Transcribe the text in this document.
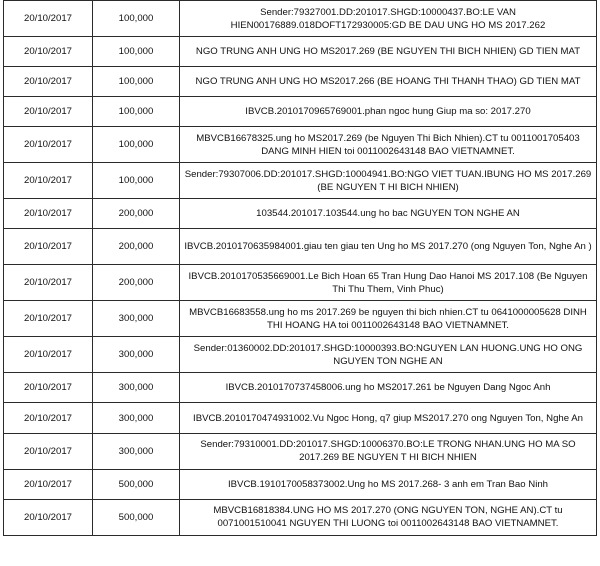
20/10/2017	100,000	Sender:79327001.DD:201017.SHGD:10000437.BO:LE VAN HIEN00176889.018DOFT172930005:GD BE DAU UNG HO MS 2017.262
20/10/2017	100,000	NGO TRUNG ANH UNG HO MS2017.269 (BE NGUYEN THI BICH NHIEN) GD TIEN MAT
20/10/2017	100,000	NGO TRUNG ANH UNG HO MS2017.266 (BE HOANG THI THANH THAO) GD TIEN MAT
20/10/2017	100,000	IBVCB.2010170965769001.phan ngoc hung Giup ma so: 2017.270
20/10/2017	100,000	MBVCB16678325.ung ho MS2017.269 (be Nguyen Thi Bich Nhien).CT tu 0011001705403 DANG MINH HIEN toi 0011002643148 BAO VIETNAMNET.
20/10/2017	100,000	Sender:79307006.DD:201017.SHGD:10004941.BO:NGO VIET TUAN.IBUNG HO MS 2017.269 (BE NGUYEN T HI BICH NHIEN)
20/10/2017	200,000	103544.201017.103544.ung ho bac NGUYEN TON NGHE AN
20/10/2017	200,000	IBVCB.2010170635984001.giau ten giau ten Ung ho MS 2017.270 (ong Nguyen Ton, Nghe An )
20/10/2017	200,000	IBVCB.2010170535669001.Le Bich Hoan 65 Tran Hung Dao Hanoi MS 2017.108 (Be Nguyen Thi Thu Them, Vinh Phuc)
20/10/2017	300,000	MBVCB16683558.ung ho ms 2017.269 be nguyen thi bich nhien.CT tu 0641000005628 DINH THI HOANG HA toi 0011002643148 BAO VIETNAMNET.
20/10/2017	300,000	Sender:01360002.DD:201017.SHGD:10000393.BO:NGUYEN LAN HUONG.UNG HO ONG NGUYEN TON NGHE AN
20/10/2017	300,000	IBVCB.2010170737458006.ung ho MS2017.261 be Nguyen Dang Ngoc Anh
20/10/2017	300,000	IBVCB.2010170474931002.Vu Ngoc Hong, q7 giup MS2017.270 ong Nguyen Ton, Nghe An
20/10/2017	300,000	Sender:79310001.DD:201017.SHGD:10006370.BO:LE TRONG NHAN.UNG HO MA SO 2017.269 BE NGUYEN T HI BICH NHIEN
20/10/2017	500,000	IBVCB.1910170058373002.Ung ho MS 2017.268- 3 anh em Tran Bao Ninh
20/10/2017	500,000	MBVCB16818384.UNG HO MS 2017.270 (ONG NGUYEN TON, NGHE AN).CT tu 0071001510041 NGUYEN THI LUONG toi 0011002643148 BAO VIETNAMNET.
